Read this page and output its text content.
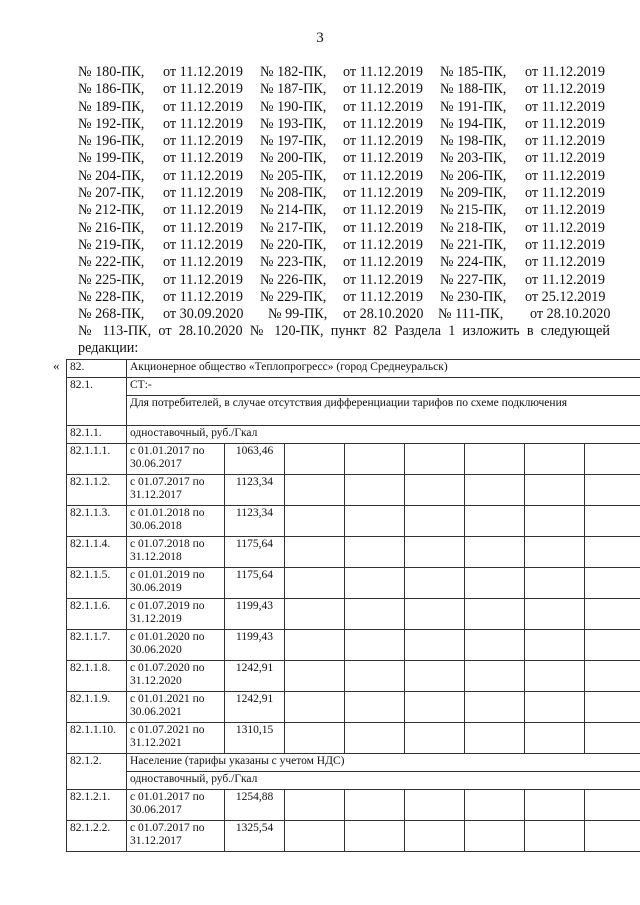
3
№ 180-ПК, от 11.12.2019 № 182-ПК, от 11.12.2019 № 185-ПК, от 11.12.2019
№ 186-ПК, от 11.12.2019 № 187-ПК, от 11.12.2019 № 188-ПК, от 11.12.2019
№ 189-ПК, от 11.12.2019 № 190-ПК, от 11.12.2019 № 191-ПК, от 11.12.2019
№ 192-ПК, от 11.12.2019 № 193-ПК, от 11.12.2019 № 194-ПК, от 11.12.2019
№ 196-ПК, от 11.12.2019 № 197-ПК, от 11.12.2019 № 198-ПК, от 11.12.2019
№ 199-ПК, от 11.12.2019 № 200-ПК, от 11.12.2019 № 203-ПК, от 11.12.2019
№ 204-ПК, от 11.12.2019 № 205-ПК, от 11.12.2019 № 206-ПК, от 11.12.2019
№ 207-ПК, от 11.12.2019 № 208-ПК, от 11.12.2019 № 209-ПК, от 11.12.2019
№ 212-ПК, от 11.12.2019 № 214-ПК, от 11.12.2019 № 215-ПК, от 11.12.2019
№ 216-ПК, от 11.12.2019 № 217-ПК, от 11.12.2019 № 218-ПК, от 11.12.2019
№ 219-ПК, от 11.12.2019 № 220-ПК, от 11.12.2019 № 221-ПК, от 11.12.2019
№ 222-ПК, от 11.12.2019 № 223-ПК, от 11.12.2019 № 224-ПК, от 11.12.2019
№ 225-ПК, от 11.12.2019 № 226-ПК, от 11.12.2019 № 227-ПК, от 11.12.2019
№ 228-ПК, от 11.12.2019 № 229-ПК, от 11.12.2019 № 230-ПК, от 25.12.2019
№ 268-ПК, от 30.09.2020 № 99-ПК, от 28.10.2020 № 111-ПК, от 28.10.2020
№ 113-ПК, от 28.10.2020 № 120-ПК, пункт 82 Раздела 1 изложить в следующей
редакции:
« 82.	Акционерное общество «Теплопрогресс» (город Среднеуральск)							
82.1.	СТ:-							
	Для потребителей, в случае отсутствия дифференциации тарифов по схеме подключения							
82.1.1.	одноставочный, руб./Гкал							
82.1.1.1.	с 01.01.2017 по 30.06.2017	1063,46						
82.1.1.2.	с 01.07.2017 по 31.12.2017	1123,34						
82.1.1.3.	с 01.01.2018 по 30.06.2018	1123,34						
82.1.1.4.	с 01.07.2018 по 31.12.2018	1175,64						
82.1.1.5.	с 01.01.2019 по 30.06.2019	1175,64						
82.1.1.6.	с 01.07.2019 по 31.12.2019	1199,43						
82.1.1.7.	с 01.01.2020 по 30.06.2020	1199,43						
82.1.1.8.	с 01.07.2020 по 31.12.2020	1242,91						
82.1.1.9.	с 01.01.2021 по 30.06.2021	1242,91						
82.1.1.10.	с 01.07.2021 по 31.12.2021	1310,15						
82.1.2.	Население (тарифы указаны с учетом НДС)							
	одноставочный, руб./Гкал							
82.1.2.1.	с 01.01.2017 по 30.06.2017	1254,88						
82.1.2.2.	с 01.07.2017 по 31.12.2017	1325,54						
